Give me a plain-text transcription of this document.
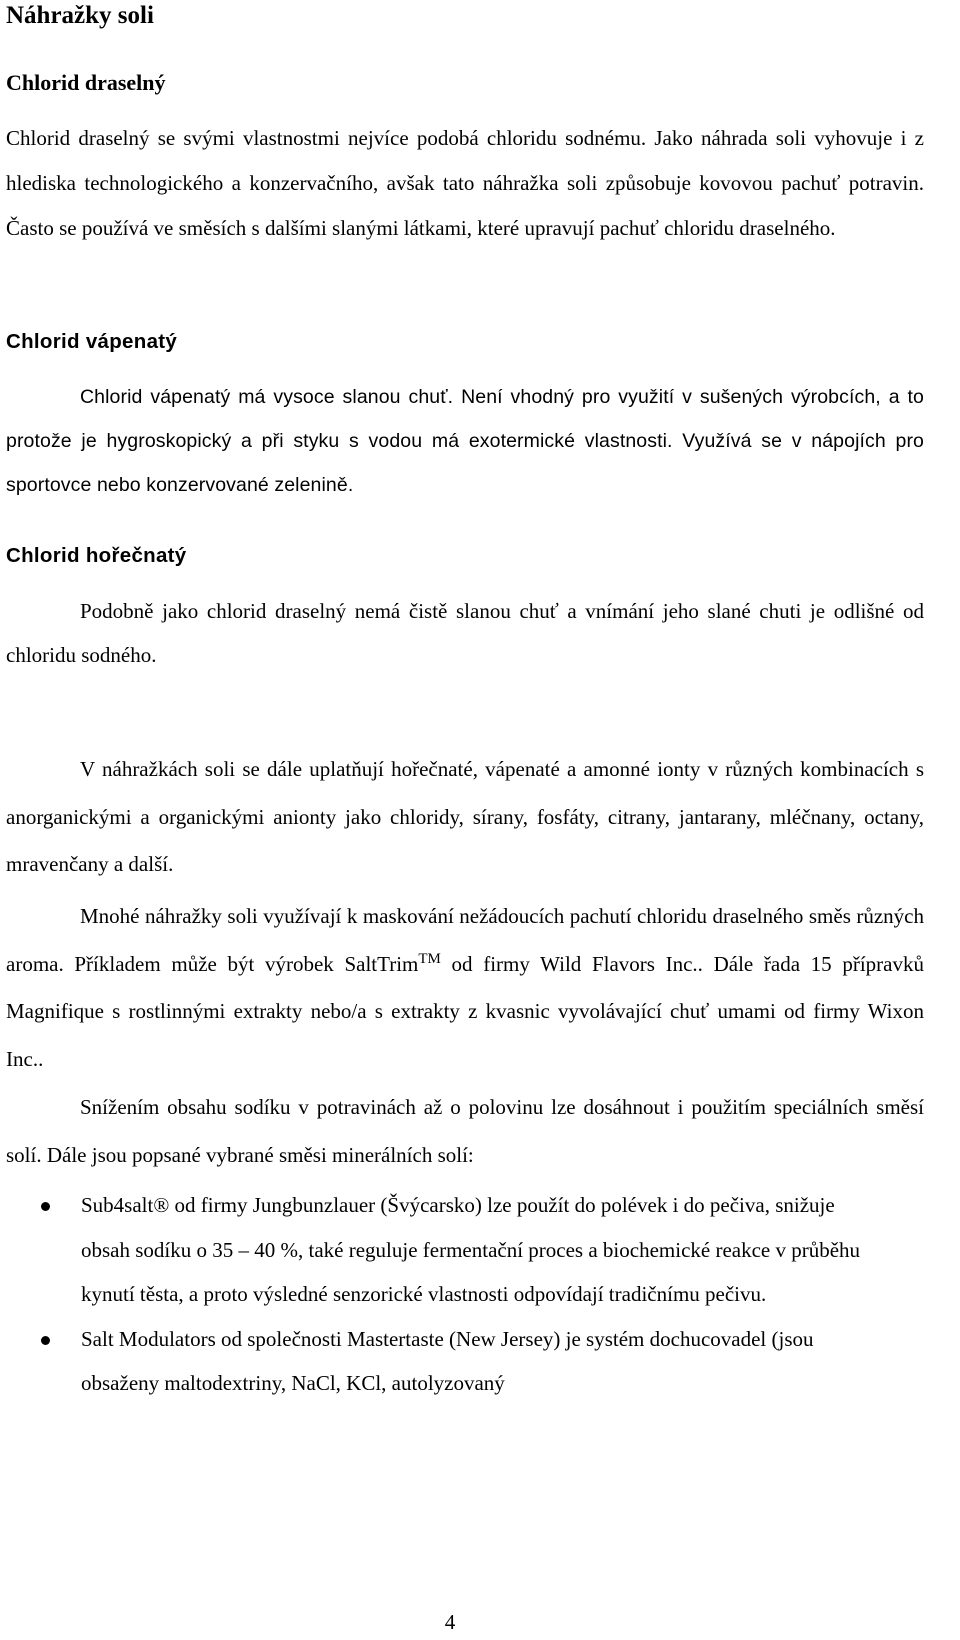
Náhražky soli
Chlorid draselný

Chlorid draselný se svými vlastnostmi nejvíce podobá chloridu sodnému. Jako náhrada soli vyhovuje i z hlediska technologického a konzervačního, avšak tato náhražka soli způsobuje kovovou pachuť potravin. Často se používá ve směsích s dalšími slanými látkami, které upravují pachuť chloridu draselného.

Chlorid vápenatý

Chlorid vápenatý má vysoce slanou chuť. Není vhodný pro využití v sušených výrobcích, a to protože je hygroskopický a při styku s vodou má exotermické vlastnosti. Využívá se v nápojích pro sportovce nebo konzervované zelenině.

Chlorid hořečnatý

Podobně jako chlorid draselný nemá čistě slanou chuť a vnímání jeho slané chuti je odlišné od chloridu sodného.

V náhražkách soli se dále uplatňují hořečnaté, vápenaté a amonné ionty v různých kombinacích s anorganickými a organickými anionty jako chloridy, sírany, fosfáty, citrany, jantarany, mléčnany, octany, mravenčany a další.

Mnohé náhražky soli využívají k maskování nežádoucích pachutí chloridu draselného směs různých aroma. Příkladem může být výrobek SaltTrim™ od firmy Wild Flavors Inc.. Dále řada 15 přípravků Magnifique s rostlinnými extrakty nebo/a s extrakty z kvasnic vyvolávající chuť umami od firmy Wixon Inc..

Snížením obsahu sodíku v potravinách až o polovinu lze dosáhnout i použitím speciálních směsí solí. Dále jsou popsané vybrané směsi minerálních solí:

Sub4salt® od firmy Jungbunzlauer (Švýcarsko) lze použít do polévek i do pečiva, snižuje obsah sodíku o 35 – 40 %, také reguluje fermentační proces a biochemické reakce v průběhu kynutí těsta, a proto výsledné senzorické vlastnosti odpovídají tradičnímu pečivu.
Salt Modulators od společnosti Mastertaste (New Jersey) je systém dochucovadel (jsou obsaženy maltodextriny, NaCl, KCl, autolyzovaný
4
